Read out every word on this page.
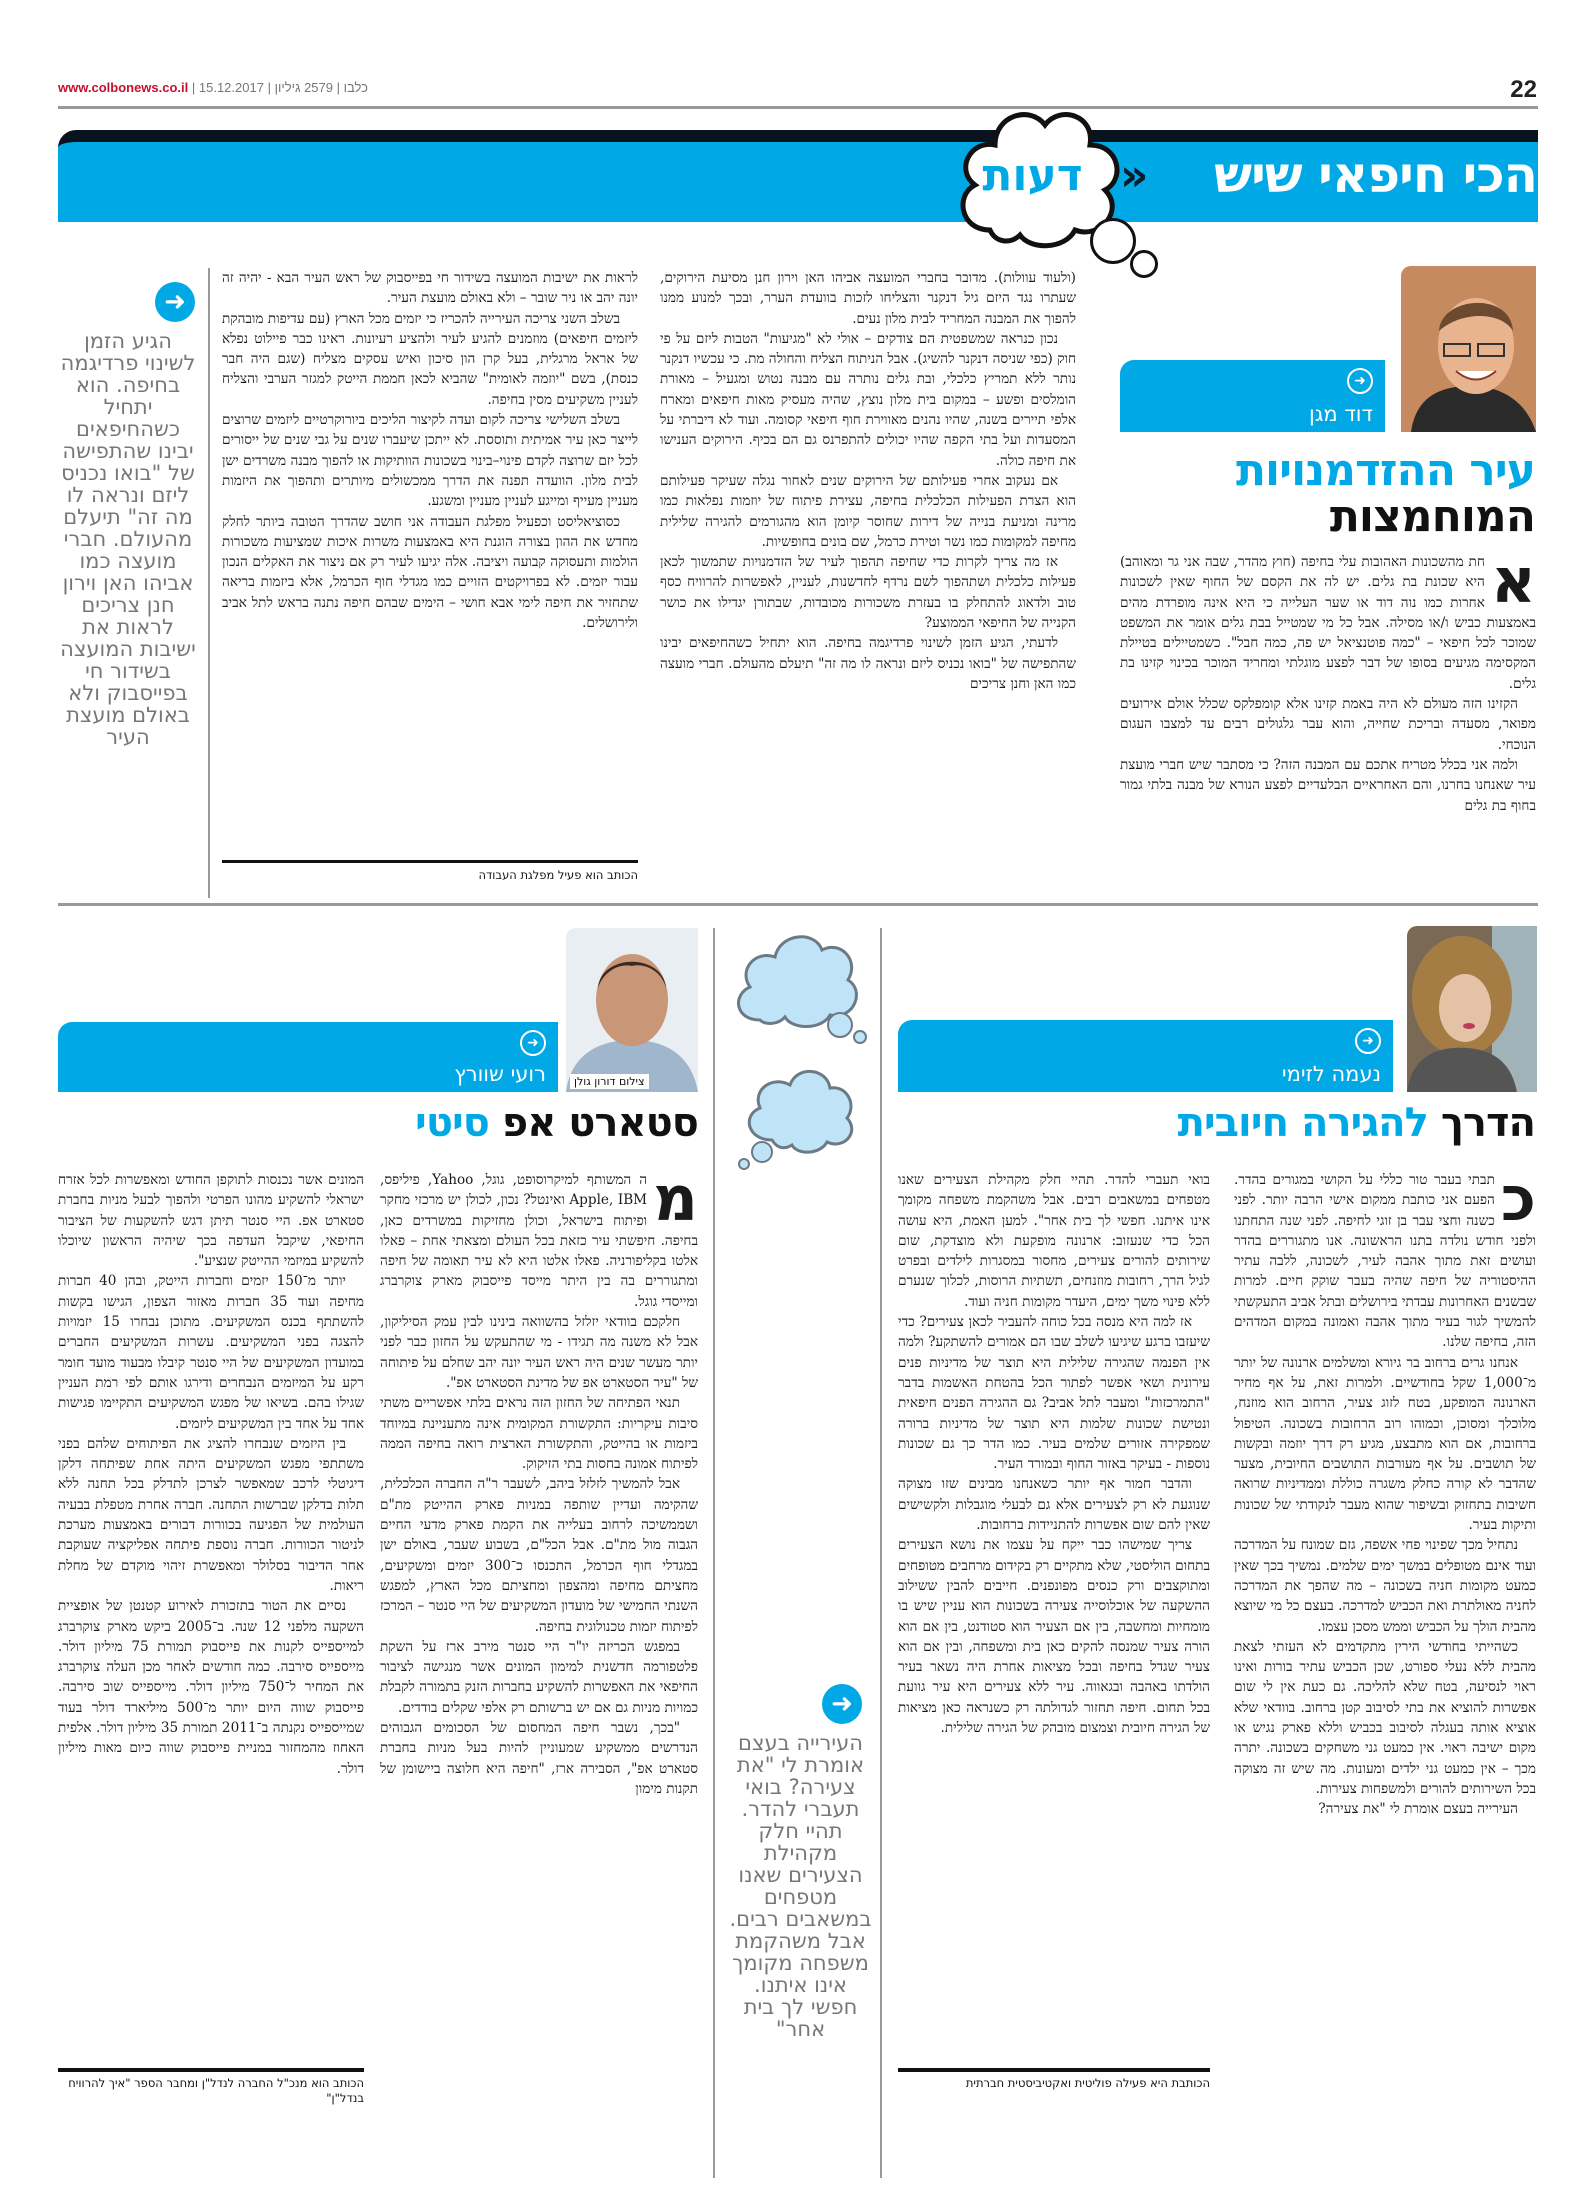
www.colbonews.co.il |	כלבו | 2579 גיליון | 15.12.2017	22
הכי חיפאי שיש
»
דעות
➜
דוד מגן
עיר ההזדמנויות
המוחמצות
א

חת מהשכונות האהובות עלי בחיפה (חוץ מהדר, שבה אני גר ומאוהב) היא שכונת בת גלים. יש לה את הקסם של החוף שאין לשכונות אחרות כמו נוה דוד או שער העלייה כי היא אינה מופרדת מהים באמצעות כביש ו/או מסילה. אבל כל מי שמטייל בבת גלים אומר את המשפט שמוכר לכל חיפאי – "כמה פוטנציאל יש פה, כמה חבל". כשמטיילים בטיילת המקסימה מגיעים בסופו של דבר לפצע מוגלתי ומחריד המוכר בכינוי קזינו בת גלים.

הקזינו הזה מעולם לא היה באמת קזינו אלא קומפלקס שכלל אולם אירועים מפואר, מסעדה ובריכת שחייה, והוא עבר גלגולים רבים עד למצבו העגום הנוכחי.

ולמה אני בכלל מטריח אתכם עם המבנה הזה? כי מסתבר שיש חברי מועצת עיר שאנחנו בחרנו, והם האחראיים הבלעדיים לפצע הנורא של מבנה בלתי גמור בחוף בת גלים

(ולעוד עוולות). מדובר בחברי המועצה אביהו האן וירון חנן מסיעת הירוקים, שעתרו נגד היזם גיל דנקנר והצליחו לזכות בוועדת הערר, ובכך למנוע ממנו להפוך את המבנה המחריד לבית מלון נעים.

נכון כנראה שמשפטית הם צודקים – אולי לא "מגיעות" הטבות ליזם על פי חוק (כפי שניסה דנקנר להשיג). אבל הניתוח הצליח והחולה מת. כי עכשיו דנקנר נותר ללא תמריץ כלכלי, ובת גלים נותרה עם מבנה נטוש ומגעיל – מאורת הומלסים ופשע – במקום בית מלון נוצץ, שהיה מעסיק מאות חיפאים ומארח אלפי תיירים בשנה, שהיו נהנים מאווירת חוף חיפאי קסומה. ועוד לא דיברתי על המסעדות ועל בתי הקפה שהיו יכולים להתפרנס גם הם בכיף. הירוקים הענישו את חיפה כולה.

אם נעקוב אחרי פעילותם של הירוקים שנים לאחור נגלה שעיקר פעילותם הוא הצרת הפעילות הכלכלית בחיפה, עצירת פיתוח של יוזמות נפלאות כמו מרינה ומניעת בנייה של דירות שחוסר קיומן הוא מהגורמים להגירה שלילית מחיפה למקומות כמו נשר וטירת כרמל, שם בונים בחופשיות.

אז מה צריך לקרות כדי שחיפה תהפוך לעיר של הזדמנויות שתמשוך לכאן פעילות כלכלית ושתהפוך לשם נרדף לחדשנות, לעניין, לאפשרות להרוויח כסף טוב ולדאוג להתחלק בו בעזרת משכורות מכובדות, שבתורן יגדילו את כושר הקנייה של החיפאי הממוצע?

לדעתי, הגיע הזמן לשינוי פרדיגמה בחיפה. הוא יתחיל כשהחיפאים יבינו שהתפישה של "בואו נכניס ליזם ונראה לו מה זה" תיעלם מהעולם. חברי מועצה כמו האן וחנן צריכים

לראות את ישיבות המועצה בשידור חי בפייסבוק של ראש העיר הבא - יהיה זה יונה יהב או ניר שובר – ולא באולם מועצת העיר.

בשלב השני צריכה העירייה להכריז כי יזמים מכל הארץ (עם עדיפות מובהקת ליזמים חיפאים) מוזמנים להגיע לעיר ולהציע רעיונות. ראינו כבר פיילוט נפלא של אראל מרגלית, בעל קרן הון סיכון ואיש עסקים מצליח (שגם היה חבר כנסת), בשם "יוזמה לאומית" שהביא לכאן חממת הייטק למגזר הערבי והצליח לעניין משקיעים מסין בחיפה.

בשלב השלישי צריכה לקום ועדה לקיצור הליכים ביורוקרטיים ליזמים שרוצים לייצר כאן עיר אמיתית ותוססת. לא ייתכן שיעברו שנים על גבי שנים של ייסורים לכל יזם שרוצה לקדם פינוי–בינוי בשכונות הוותיקות או להפוך מבנה משרדים ישן לבית מלון. הוועדה תפנה את הדרך ממכשולים מיותרים ותהפוך את היזמות מעניין מעייף ומייגע לעניין מעניין ומשגע.

כסוציאליסט וכפעיל מפלגת העבודה אני חושב שהדרך הטובה ביותר לחלק מחדש את ההון בצורה הוגנת היא באמצעות משרות איכות שמציעות משכורות הולמות ותעסוקה קבועה ויציבה. אלה יגיעו לעיר רק אם ניצור את האקלים הנכון עבור יזמים. לא בפרויקטים הזויים כמו מגדלי חוף הכרמל, אלא ביזמות בריאה שתחזיר את חיפה לימי אבא חושי – הימים שבהם חיפה נתנה בראש לתל אביב ולירושלים.

הכותב הוא פעיל מפלגת העבודה
➜
הגיע הזמן לשינוי פרדיגמה בחיפה. הוא יתחיל כשהחיפאים יבינו שהתפישה של "בואו נכניס ליזם ונראה לו מה זה" תיעלם מהעולם. חברי מועצה כמו אביהו האן וירון חנן צריכים לראות את ישיבות המועצה בשידור חי בפייסבוק ולא באולם מועצת העיר
➜
נעמה לזימי
הדרך להגירה חיובית
כ

תבתי בעבר טור כללי על הקושי במגורים בהדר. הפעם אני כותבת ממקום אישי הרבה יותר. לפני כשנה וחצי עבר בן זוגי לחיפה. לפני שנה התחתנו ולפני חודש נולדה בתנו הראשונה. אנו מתגוררים בהדר ועושים זאת מתוך אהבה לעיר, לשכונה, ללבה עתיר ההיסטוריה של חיפה שהיה בעבר שוקק חיים. למרות שבשנים האחרונות עבדתי בירושלים ובתל אביב התעקשתי להמשיך לגור בעיר מתוך אהבה ואמונה במקום המדהים הזה, בחיפה שלנו.

אנחנו גרים ברחוב בר גיורא ומשלמים ארנונה של יותר מ־1,000 שקל בחודשיים. ולמרות זאת, על אף מחיר הארנונה המופקע, בטח לזוג צעיר, הרחוב הוא מוזנח, מלוכלך ומסוכן, וכמוהו רוב הרחובות בשכונה. הטיפול ברחובות, אם הוא מתבצע, מגיע רק דרך יוזמה ובקשות של תושבים. על אף מעורבות התושבים החיובית, מצער שהדבר לא קורה כחלק משגרה כוללת וממדיניות שרואה חשיבות בתחזוק ובשיפור שהוא מעבר לנקודתי של שכונות ותיקות בעיר.

נתחיל מכך שפינוי פחי אשפה, גזם שמונח על המדרכה ועוד אינם מטופלים במשך ימים שלמים. נמשיך בכך שאין כמעט מקומות חניה בשכונה – מה שהפך את המדרכה לחניה מאולתרת ואת הכביש למדרכה. בעצם כל מי שיוצא מהבית הולך על הכביש וממש מסכן עצמו.

כשהייתי בחודשי הירין מתקדמים לא העזתי לצאת מהבית ללא נעלי ספורט, שכן הכביש עתיר בורות ואינו ראוי לנסיעה, בטח שלא להליכה. גם כעת אין לי שום אפשרות להוציא את בתי לסיבוב קטן ברחוב. בוודאי שלא אוציא אותה בעגלה לסיבוב בכביש וללא פארק נגיש או מקום ישיבה ראוי. אין כמעט גני משחקים בשכונה. יתרה מכך – אין כמעט גני ילדים ומעונות. מה שיש זה מצוקה בכל השירותים להורים ולמשפחות צעירות.

העירייה בעצם אומרת לי "את צעירה?

בואי תעברי להדר. תהיי חלק מקהילת הצעירים שאנו מטפחים במשאבים רבים. אבל משהקמת משפחה מקומך אינו איתנו. חפשי לך בית אחר". למען האמת, היא עושה הכל כדי שנעזוב: ארנונה מופקעת ולא מוצדקת, שום שירותים להורים צעירים, מחסור במסגרות לילדים ובפרט לגיל הרך, רחובות מוזנחים, תשתיות הרוסות, לכלוך שנערם ללא פינוי משך ימים, היעדר מקומות חניה ועוד.

אז למה היא מנסה בכל כוחה להעביר לכאן צעירים? כדי שיעזבו ברגע שיגיעו לשלב שבו הם אמורים להשתקע? ולמה אין הפנמה שהגירה שלילית היא תוצר של מדיניות פנים עירונית ושאי אפשר לפתור הכל בהטחת האשמות בדבר "התמרכזות" ומעבר לתל אביב? גם ההגירה הפנים חיפאית ונטישת שכונות שלמות היא תוצר של מדיניות ברורה שמפקירה אזורים שלמים בעיר. כמו הדר כך גם שכונות נוספות - בעיקר באזור החוף ובמורד העיר.

והדבר חמור אף יותר כשאנחנו מבינים שזו מצוקה שנוגעת לא רק לצעירים אלא גם לבעלי מוגבלות ולקשישים שאין להם שום אפשרות להתניידות ברחובות.

צריך שמישהו כבר ייקח על עצמו את נושא הצעירים בתחום הוליסטי, שלא מתקיים רק בקידום מרחבים מטופחים ומתוקצבים ורק כנסים מפונפנים. חייבים להבין ששילוב ההשקעה של אוכלוסייה צעירה בשכונות הוא עניין שיש בו מומחיות ומחשבה, בין אם הצעיר הוא סטודנט, בין אם הוא הורה צעיר שמנסה להקים כאן בית ומשפחה, ובין אם הוא צעיר שגדל בחיפה ובכל מציאות אחרת היה נשאר בעיר הולדתו באהבה ובגאווה. עיר ללא צעירים היא עיר גוועת בכל תחום. חיפה תחזור לגדולתה רק כשנראה כאן מציאות של הגירה חיובית וצמצום מובהק של הגירה שלילית.

הכותבת היא פעילה פוליטית ואקטיביסטית חברתית
➜
העירייה בעצם אומרת לי "את צעירה? בואי תעברי להדר. תהיי חלק מקהילת הצעירים שאנו מטפחים במשאבים רבים. אבל משהקמת משפחה מקומך אינו איתנו. חפשי לך בית אחר"
צילום דורון גולן
➜
רועי שוורץ
סטארט אפ סיטי
מ

ה המשותף למיקרוסופט, גוגל, Yahoo, פיליפס, Apple, IBM ואינטל? נכון, לכולן יש מרכזי מחקר ופיתוח בישראל, וכולן מחזיקות במשרדים כאן, בחיפה. חיפשתי עיר כזאת בכל העולם ומצאתי אחת – פאלו אלטו בקליפורניה. פאלו אלטו היא לא עיר תאומה של חיפה ומתגוררים בה בין היתר מייסד פייסבוק מארק צוקרברג ומייסדי גוגל.

חלקכם בוודאי יזלזל בהשוואה בינינו לבין עמק הסיליקון, אבל לא משנה מה תגידו - מי שהתעקש על החזון כבר לפני יותר מעשר שנים היה ראש העיר יונה יהב שחלם על פיתוחה של "עיר הסטארט אפ של מדינת הסטארט אפ".

תנאי הפתיחה של החזון הזה נראים בלתי אפשריים משתי סיבות עיקריות: התקשורת המקומית אינה מתעניינת במיוחד ביזמות או בהייטק, והתקשורת הארצית רואה בחיפה הממה לפיתוח אמונה בחסות בתי הזיקוק.

אבל להמשיך לזלזל ביהב, לשעבר ר"ה החברה הכלכלית, שהקימה ועדיין שותפה במניות פארק ההייטק מת"ם ושממשיכה לרחוב בעלייה את הקמת פארק מדעי החיים הגבוה מול מת"ם. אבל הכל"ם, בשבוע שעבר, באולם ישן במגדלי חוף הכרמל, התכנסו כ־300 יזמים ומשקיעים, מחציתם מחיפה ומהצפון ומחציתם מכל הארץ, למפגש השנתי החמישי של מועדון המשקיעים של היי סנטר – המרכז לפיתוח יזמות טכנולוגית בחיפה.

במפגש הכריזה יו"ר היי סנטר מירב ארז על השקת פלטפורמה חדשנית למימון המונים אשר מנגישה לציבור החיפאי את האפשרות להשקיע בחברות הזנק בתמורה לקבלת כמויות מניות גם אם יש ברשותם רק אלפי שקלים בודדים.

"בכך, נשבר חיפה המחסום של הסכומים הגבוהים הנדרשים ממשקיע שמעוניין להיות בעל מניות בחברת סטארט אפ", הסבירה ארז, "חיפה היא חלוצה ביישומן של תקנות מימון

המונים אשר נכנסות לתוקפן החודש ומאפשרות לכל אזרח ישראלי להשקיע מהונו הפרטי ולהפוך לבעל מניות בחברת סטארט אפ. היי סנטר תיתן דגש להשקעות של הציבור החיפאי, שיקבל העדפה בכך שיהיה הראשון שיוכלו להשקיע במיזמי ההייטק שנציע".

יותר מ־150 יזמים וחברות הייטק, ובהן 40 חברות מחיפה ועוד 35 חברות מאזור הצפון, הגישו בקשות להשתתף בכנס המשקיעים. מתוכן נבחרו 15 יזמויות להצגה בפני המשקיעים. עשרות המשקיעים החברים במועדון המשקיעים של היי סנטר קיבלו מבעוד מועד חומר רקע על המיזמים הנבחרים ודירגו אותם לפי רמת העניין שגילו בהם. בשיאו של מפגש המשקיעים התקיימו פגישות אחד על אחד בין המשקיעים ליזמים.

בין היזמים שנבחרו להציג את הפיתוחים שלהם בפני משתתפי מפגש המשקיעים היתה אחת שפיתחה דלקן דיגיטלי לרכב שמאפשר לצרכן לתדלק בכל תחנה ללא תלות בדלקן שברשות התחנה. חברה אחרת מטפלת בבעיה העולמית של הפגיעה בכוורות דבורים באמצעות מערכת לניטור הכוורות. חברה נוספת פיתחה אפליקציה שעוקבת אחר הדיבור בסלולר ומאפשרת זיהוי מוקדם של מחלת ריאות.

נסיים את הטור בתזכורת לאירוע קטנטן של אופציית השקעה מלפני 12 שנה. ב־2005 ביקש מארק צוקרברג למייספייס לקנות את פייסבוק תמורת 75 מיליון דולר. מייספייס סירבה. כמה חודשים לאחר מכן העלה צוקרברג את המחיר ל־750 מיליון דולר. מייספייס שוב סירבה. פייסבוק שווה היום יותר מ־500 מיליארד דולר בעוד שמייספייס נקנתה ב־2011 תמורת 35 מיליון דולר. אלפית האחוז מהמחזור במניית פייסבוק שווה כיום מאות מיליון דולר.

הכותב הוא מנכ"ל החברה לנדל"ן ומחבר הספר "איך להרוויח בנדל"ן"
